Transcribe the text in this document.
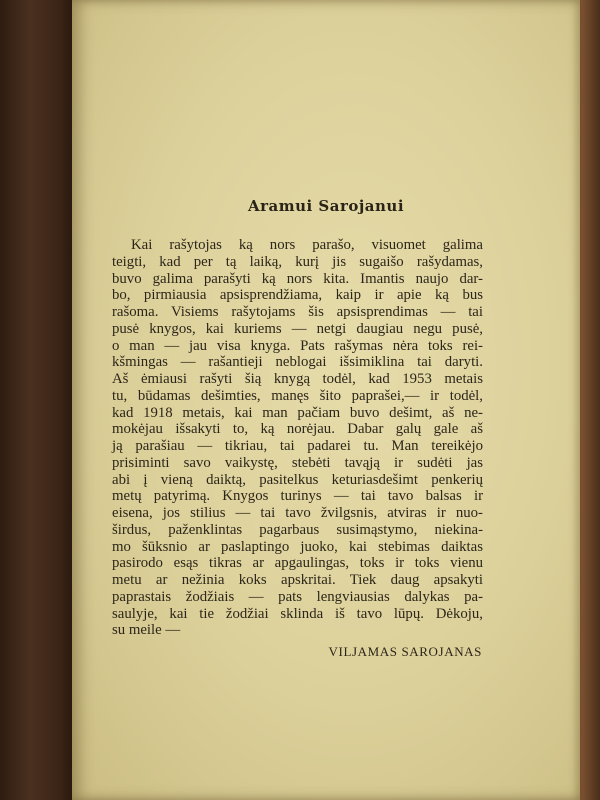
Aramui Sarojanui
Kai rašytojas ką nors parašo, visuomet galima
teigti, kad per tą laiką, kurį jis sugaišo rašydamas,
buvo galima parašyti ką nors kita. Imantis naujo dar-
bo, pirmiausia apsisprendžiama, kaip ir apie ką bus
rašoma. Visiems rašytojams šis apsisprendimas — tai
pusė knygos, kai kuriems — netgi daugiau negu pusė,
o man — jau visa knyga. Pats rašymas nėra toks rei-
kšmingas — rašantieji neblogai išsimiklina tai daryti.
Aš ėmiausi rašyti šią knygą todėl, kad 1953 metais
tu, būdamas dešimties, manęs šito paprašei,— ir todėl,
kad 1918 metais, kai man pačiam buvo dešimt, aš ne-
mokėjau išsakyti to, ką norėjau. Dabar galų gale aš
ją parašiau — tikriau, tai padarei tu. Man tereikėjo
prisiminti savo vaikystę, stebėti tavąją ir sudėti jas
abi į vieną daiktą, pasitelkus keturiasdešimt penkerių
metų patyrimą. Knygos turinys — tai tavo balsas ir
eisena, jos stilius — tai tavo žvilgsnis, atviras ir nuo-
širdus, paženklintas pagarbaus susimąstymo, niekina-
mo šūksnio ar paslaptingo juoko, kai stebimas daiktas
pasirodo esąs tikras ar apgaulingas, toks ir toks vienu
metu ar nežinia koks apskritai. Tiek daug apsakyti
paprastais žodžiais — pats lengviausias dalykas pa-
saulyje, kai tie žodžiai sklinda iš tavo lūpų. Dėkoju,
su meile —
VILJAMAS SAROJANAS
